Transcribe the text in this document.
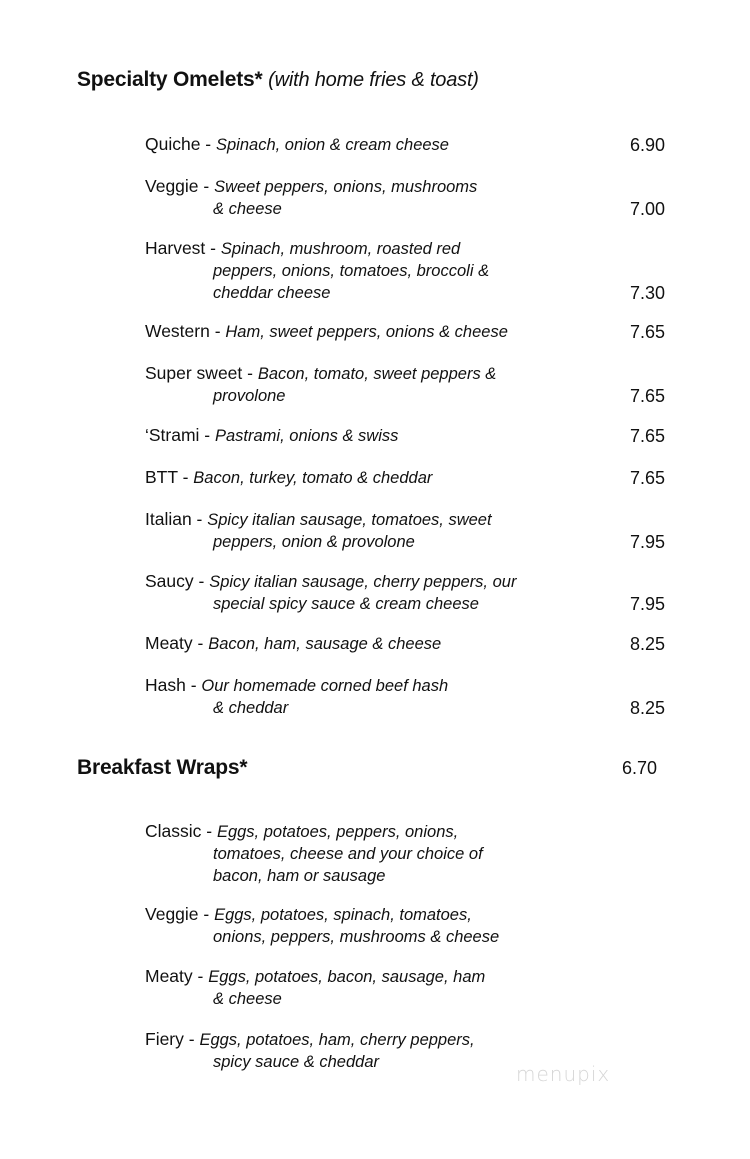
Specialty Omelets* (with home fries & toast)
Quiche - Spinach, onion & cream cheese	6.90
Veggie - Sweet peppers, onions, mushrooms
& cheese	7.00
Harvest - Spinach, mushroom, roasted red
peppers, onions, tomatoes, broccoli &
cheddar cheese	7.30
Western - Ham, sweet peppers, onions & cheese	7.65
Super sweet - Bacon, tomato, sweet peppers &
provolone	7.65
‘Strami - Pastrami, onions & swiss	7.65
BTT - Bacon, turkey, tomato & cheddar	7.65
Italian - Spicy italian sausage, tomatoes, sweet
peppers, onion & provolone	7.95
Saucy - Spicy italian sausage, cherry peppers, our
special spicy sauce & cream cheese	7.95
Meaty - Bacon, ham, sausage & cheese	8.25
Hash - Our homemade corned beef hash
& cheddar	8.25
Breakfast Wraps*	6.70
Classic - Eggs, potatoes, peppers, onions,
tomatoes, cheese and your choice of
bacon, ham or sausage
Veggie - Eggs, potatoes, spinach, tomatoes,
onions, peppers, mushrooms & cheese
Meaty - Eggs, potatoes, bacon, sausage, ham
& cheese
Fiery - Eggs, potatoes, ham, cherry peppers,
spicy sauce & cheddar	menupix
